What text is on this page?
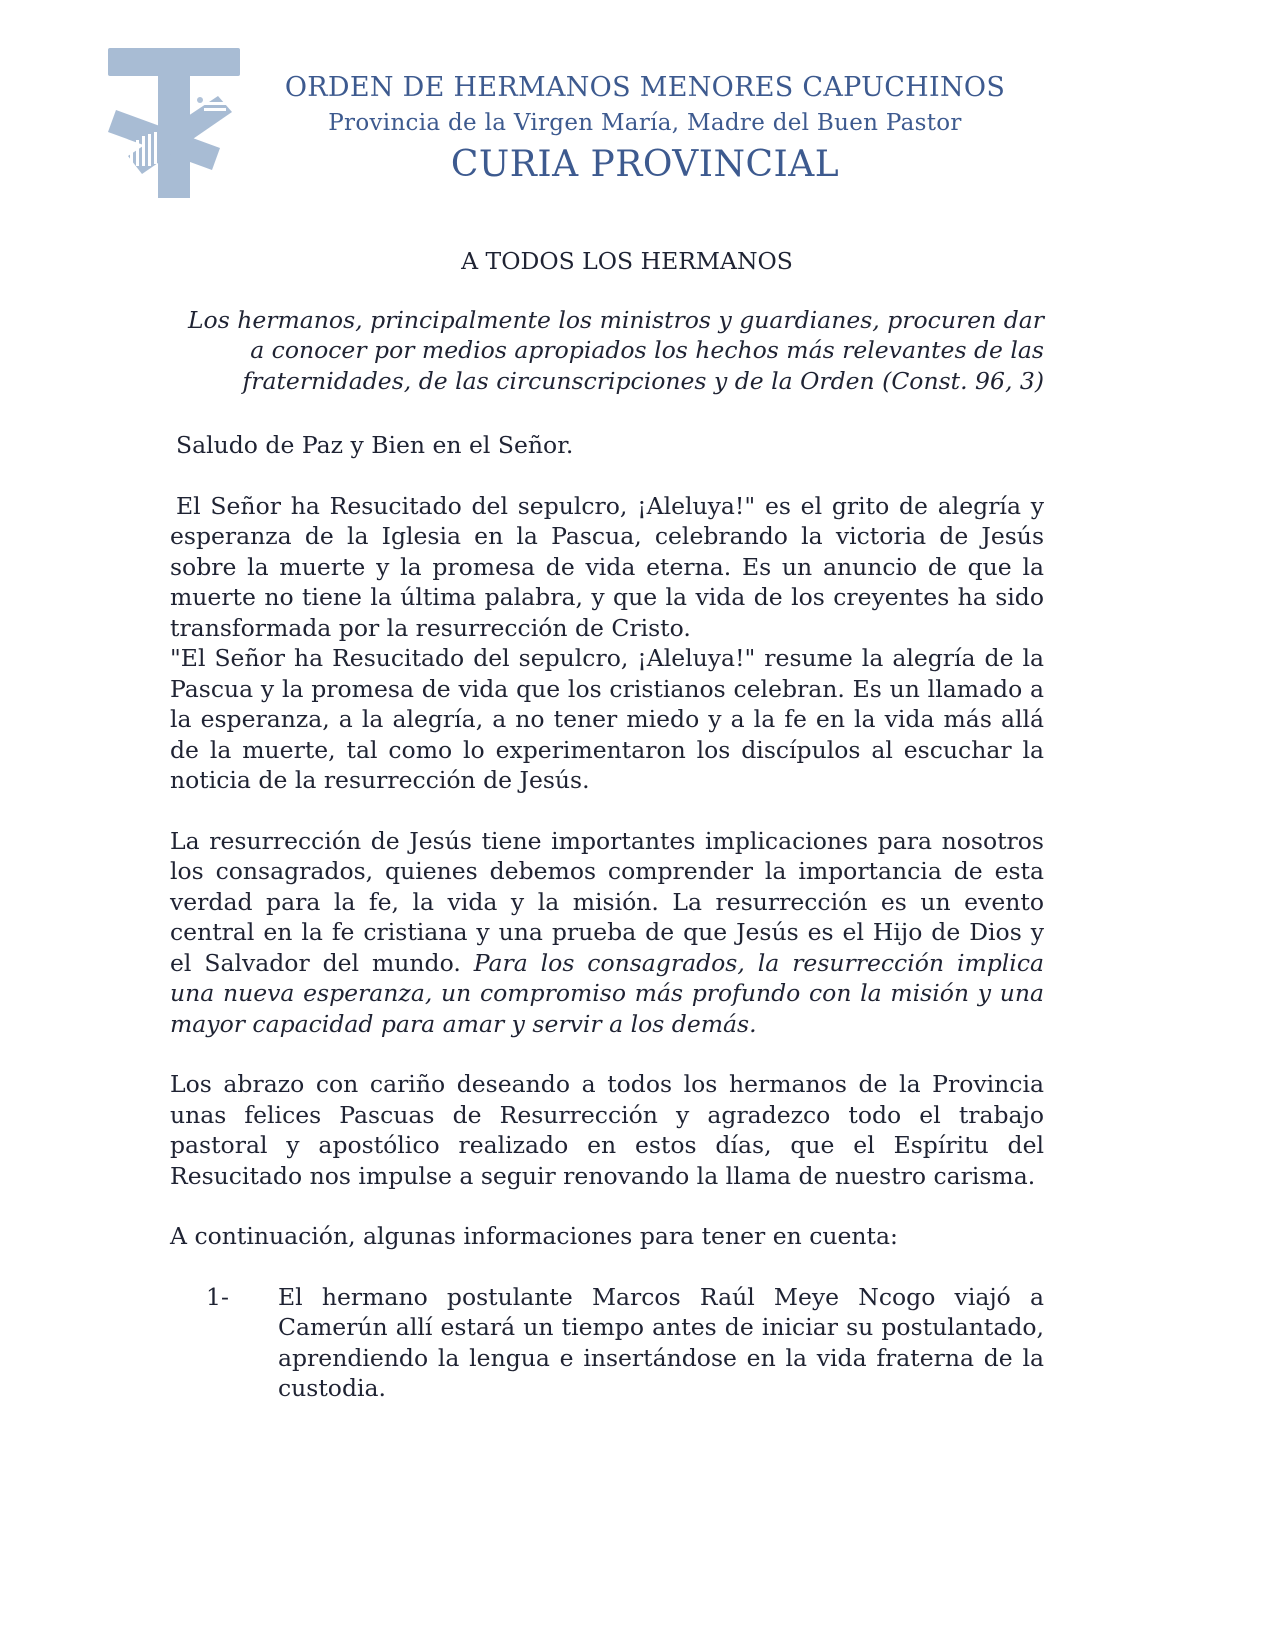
ORDEN DE HERMANOS MENORES CAPUCHINOS
Provincia de la Virgen María, Madre del Buen Pastor
CURIA PROVINCIAL
A TODOS LOS HERMANOS
Los hermanos, principalmente los ministros y guardianes, procuren dar
a conocer por medios apropiados los hechos más relevantes de las
fraternidades, de las circunscripciones y de la Orden (Const. 96, 3)

Saludo de Paz y Bien en el Señor.

El Señor ha Resucitado del sepulcro, ¡Aleluya!" es el grito de alegría y esperanza de la Iglesia en la Pascua, celebrando la victoria de Jesús sobre la muerte y la promesa de vida eterna. Es un anuncio de que la muerte no tiene la última palabra, y que la vida de los creyentes ha sido transformada por la resurrección de Cristo.

"El Señor ha Resucitado del sepulcro, ¡Aleluya!" resume la alegría de la Pascua y la promesa de vida que los cristianos celebran. Es un llamado a la esperanza, a la alegría, a no tener miedo y a la fe en la vida más allá de la muerte, tal como lo experimentaron los discípulos al escuchar la noticia de la resurrección de Jesús.

La resurrección de Jesús tiene importantes implicaciones para nosotros los consagrados, quienes debemos comprender la importancia de esta verdad para la fe, la vida y la misión. La resurrección es un evento central en la fe cristiana y una prueba de que Jesús es el Hijo de Dios y el Salvador del mundo. Para los consagrados, la resurrección implica una nueva esperanza, un compromiso más profundo con la misión y una mayor capacidad para amar y servir a los demás.

Los abrazo con cariño deseando a todos los hermanos de la Provincia unas felices Pascuas de Resurrección y agradezco todo el trabajo pastoral y apostólico realizado en estos días, que el Espíritu del Resucitado nos impulse a seguir renovando la llama de nuestro carisma.

A continuación, algunas informaciones para tener en cuenta:

1- El hermano postulante Marcos Raúl Meye Ncogo viajó a Camerún allí estará un tiempo antes de iniciar su postulantado, aprendiendo la lengua e insertándose en la vida fraterna de la custodia.
